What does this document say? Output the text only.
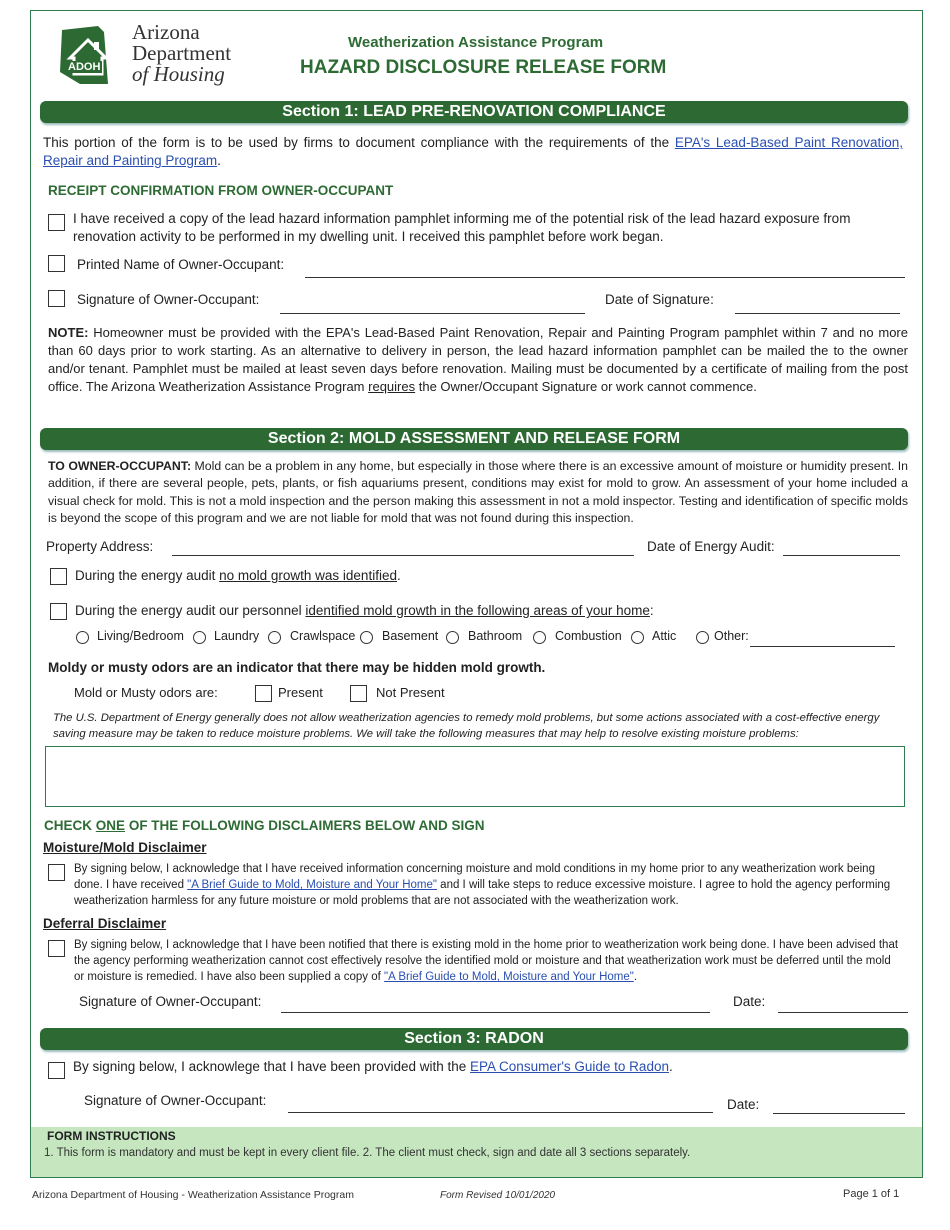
ADOH
Arizona
Department
of Housing
Weatherization Assistance Program
HAZARD DISCLOSURE RELEASE FORM
Section 1: LEAD PRE-RENOVATION COMPLIANCE
This portion of the form is to be used by firms to document compliance with the requirements of the EPA's Lead-Based Paint Renovation, Repair and Painting Program.
RECEIPT CONFIRMATION FROM OWNER-OCCUPANT
I have received a copy of the lead hazard information pamphlet informing me of the potential risk of the lead hazard exposure from renovation activity to be performed in my dwelling unit. I received this pamphlet before work began.
Printed Name of Owner-Occupant:
Signature of Owner-Occupant:	Date of Signature:
NOTE: Homeowner must be provided with the EPA's Lead-Based Paint Renovation, Repair and Painting Program pamphlet within 7 and no more than 60 days prior to work starting. As an alternative to delivery in person, the lead hazard information pamphlet can be mailed the to the owner and/or tenant. Pamphlet must be mailed at least seven days before renovation. Mailing must be documented by a certificate of mailing from the post office. The Arizona Weatherization Assistance Program requires the Owner/Occupant Signature or work cannot commence.
Section 2: MOLD ASSESSMENT AND RELEASE FORM
TO OWNER-OCCUPANT: Mold can be a problem in any home, but especially in those where there is an excessive amount of moisture or humidity present. In addition, if there are several people, pets, plants, or fish aquariums present, conditions may exist for mold to grow. An assessment of your home included a visual check for mold. This is not a mold inspection and the person making this assessment in not a mold inspector. Testing and identification of specific molds is beyond the scope of this program and we are not liable for mold that was not found during this inspection.
Property Address:	Date of Energy Audit:
During the energy audit no mold growth was identified.
During the energy audit our personnel identified mold growth in the following areas of your home:
Living/Bedroom Laundry Crawlspace Basement Bathroom	Combustion Attic	Other:
Moldy or musty odors are an indicator that there may be hidden mold growth.
Mold or Musty odors are:	Present	Not Present
The U.S. Department of Energy generally does not allow weatherization agencies to remedy mold problems, but some actions associated with a cost-effective energy saving measure may be taken to reduce moisture problems. We will take the following measures that may help to resolve existing moisture problems:
CHECK ONE OF THE FOLLOWING DISCLAIMERS BELOW AND SIGN
Moisture/Mold Disclaimer
By signing below, I acknowledge that I have received information concerning moisture and mold conditions in my home prior to any weatherization work being done. I have received "A Brief Guide to Mold, Moisture and Your Home" and I will take steps to reduce excessive moisture. I agree to hold the agency performing weatherization harmless for any future moisture or mold problems that are not associated with the weatherization work.
Deferral Disclaimer
By signing below, I acknowledge that I have been notified that there is existing mold in the home prior to weatherization work being done. I have been advised that the agency performing weatherization cannot cost effectively resolve the identified mold or moisture and that weatherization work must be deferred until the mold or moisture is remedied. I have also been supplied a copy of "A Brief Guide to Mold, Moisture and Your Home".
Signature of Owner-Occupant:	Date:
Section 3: RADON
By signing below, I acknowlege that I have been provided with the EPA Consumer's Guide to Radon.
Signature of Owner-Occupant:	Date:
FORM INSTRUCTIONS
1. This form is mandatory and must be kept in every client file. 2. The client must check, sign and date all 3 sections separately.
Arizona Department of Housing - Weatherization Assistance Program	Form Revised 10/01/2020	Page 1 of 1
